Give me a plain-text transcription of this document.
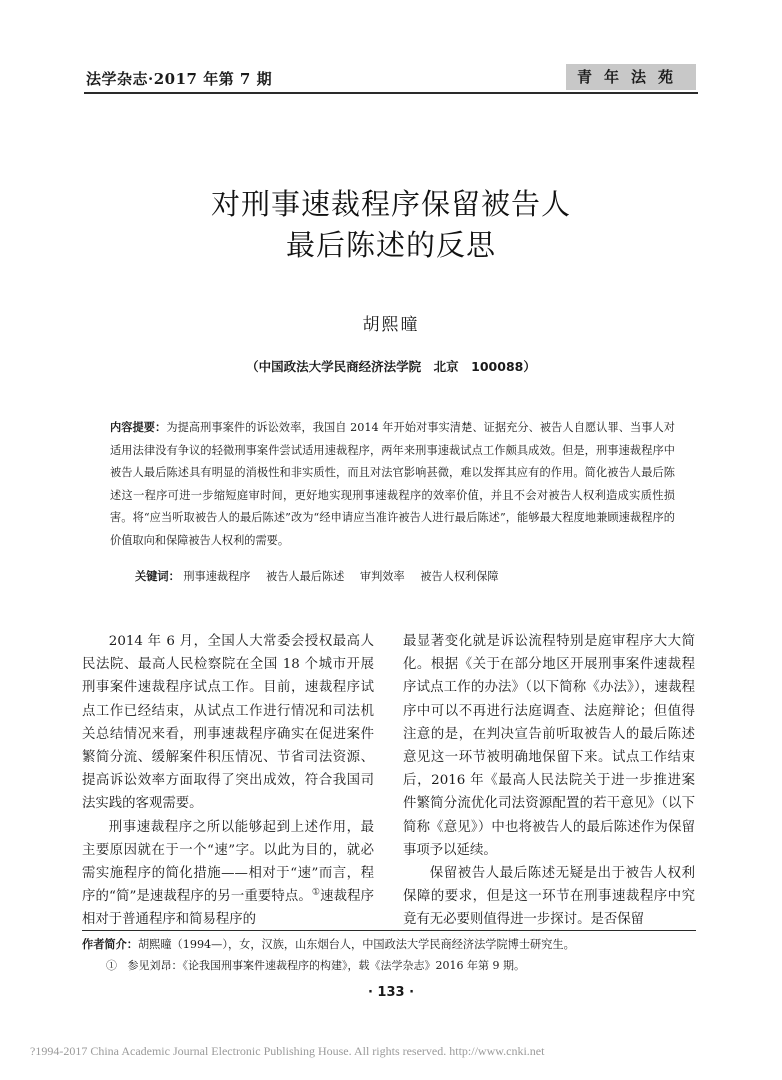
法学杂志·2017 年第 7 期	青年法苑
对刑事速裁程序保留被告人
最后陈述的反思
胡熙曈
（中国政法大学民商经济法学院　北京　100088）
内容提要：为提高刑事案件的诉讼效率，我国自 2014 年开始对事实清楚、证据充分、被告人自愿认罪、当事人对适用法律没有争议的轻微刑事案件尝试适用速裁程序，两年来刑事速裁试点工作颇具成效。但是，刑事速裁程序中被告人最后陈述具有明显的消极性和非实质性，而且对法官影响甚微，难以发挥其应有的作用。简化被告人最后陈述这一程序可进一步缩短庭审时间，更好地实现刑事速裁程序的效率价值，并且不会对被告人权利造成实质性损害。将“应当听取被告人的最后陈述”改为“经申请应当准许被告人进行最后陈述”，能够最大程度地兼顾速裁程序的价值取向和保障被告人权利的需要。
关键词： 刑事速裁程序 被告人最后陈述 审判效率 被告人权利保障

2014 年 6 月，全国人大常委会授权最高人民法院、最高人民检察院在全国 18 个城市开展刑事案件速裁程序试点工作。目前，速裁程序试点工作已经结束，从试点工作进行情况和司法机关总结情况来看，刑事速裁程序确实在促进案件繁简分流、缓解案件积压情况、节省司法资源、提高诉讼效率方面取得了突出成效，符合我国司法实践的客观需要。

刑事速裁程序之所以能够起到上述作用，最主要原因就在于一个“速”字。以此为目的，就必需实施程序的简化措施——相对于“速”而言，程序的“简”是速裁程序的另一重要特点。①速裁程序相对于普通程序和简易程序的

最显著变化就是诉讼流程特别是庭审程序大大简化。根据《关于在部分地区开展刑事案件速裁程序试点工作的办法》（以下简称《办法》），速裁程序中可以不再进行法庭调查、法庭辩论；但值得注意的是，在判决宣告前听取被告人的最后陈述意见这一环节被明确地保留下来。试点工作结束后，2016 年《最高人民法院关于进一步推进案件繁简分流优化司法资源配置的若干意见》（以下简称《意见》）中也将被告人的最后陈述作为保留事项予以延续。

保留被告人最后陈述无疑是出于被告人权利保障的要求，但是这一环节在刑事速裁程序中究竟有无必要则值得进一步探讨。是否保留

作者简介：胡熙曈（1994—），女，汉族，山东烟台人，中国政法大学民商经济法学院博士研究生。
① 参见刘昂：《论我国刑事案件速裁程序的构建》，载《法学杂志》2016 年第 9 期。
· 133 ·
?1994-2017 China Academic Journal Electronic Publishing House. All rights reserved. http://www.cnki.net
